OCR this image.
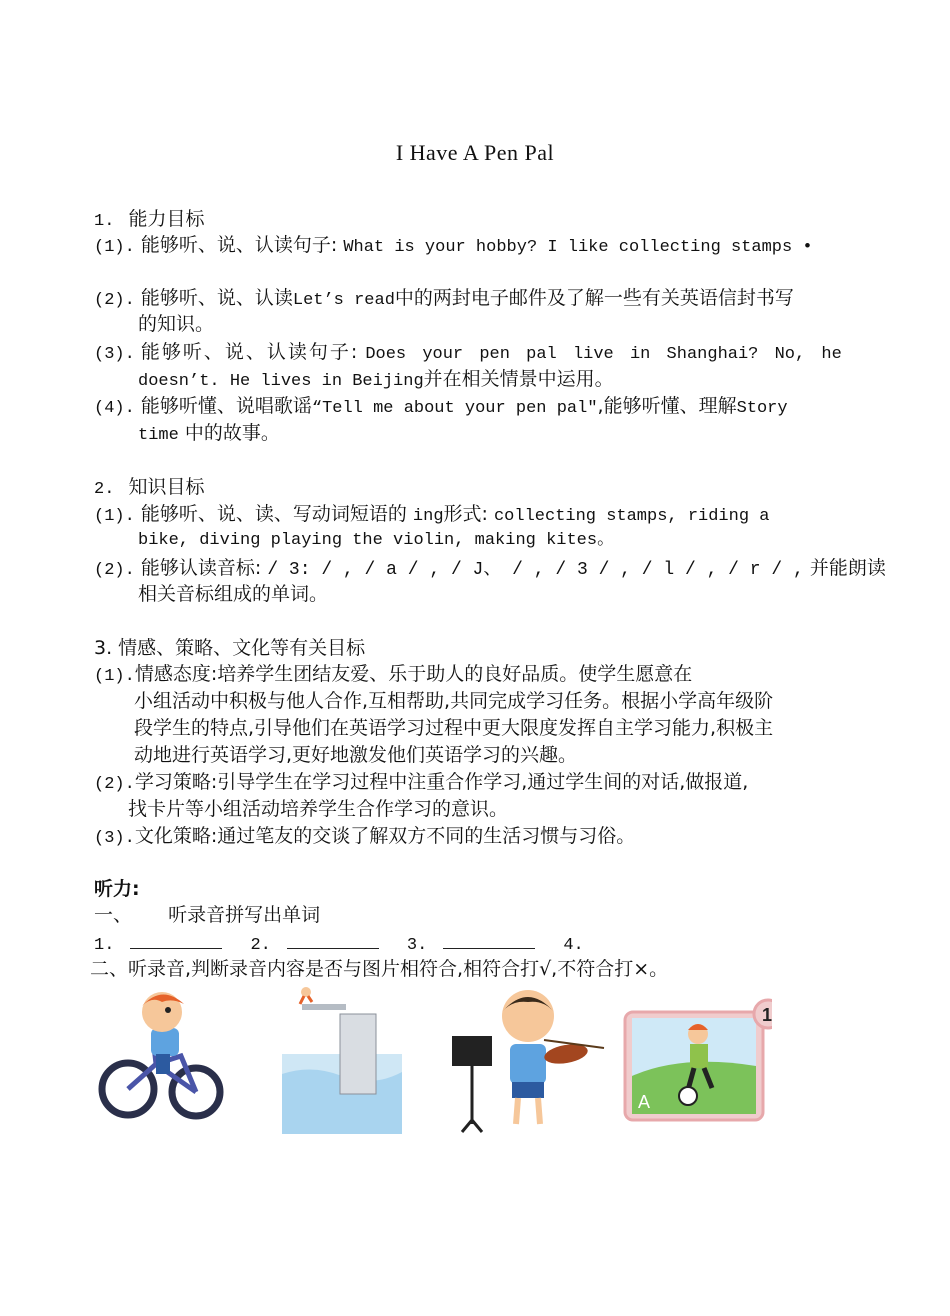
I Have A Pen Pal
1. 能力目标
(1). 能够听、说、认读句子: What is your hobby? I like collecting stamps •
(2). 能够听、说、认读Let’s read中的两封电子邮件及了解一些有关英语信封书写
的知识。
(3). 能够听、说、认读句子: Does your pen pal live in Shanghai? No, he
doesn’t. He lives in Beijing并在相关情景中运用。
(4). 能够听懂、说唱歌谣“Tell me about your pen pal″,能够听懂、理解Story
time 中的故事。
2. 知识目标
(1). 能够听、说、读、写动词短语的 ing形式: collecting stamps, riding a
bike, diving playing the violin, making kites。
(2). 能够认读音标: / 3: / , / a / , / J、 / , / 3 / , / l / , / r / , 并能朗读
相关音标组成的单词。
3. 情感、策略、文化等有关目标
(1).情感态度:培养学生团结友爱、乐于助人的良好品质。使学生愿意在
小组活动中积极与他人合作,互相帮助,共同完成学习任务。根据小学高年级阶
段学生的特点,引导他们在英语学习过程中更大限度发挥自主学习能力,积极主
动地进行英语学习,更好地激发他们英语学习的兴趣。
(2).学习策略:引导学生在学习过程中注重合作学习,通过学生间的对话,做报道,
找卡片等小组活动培养学生合作学习的意识。
(3).文化策略:通过笔友的交谈了解双方不同的生活习惯与习俗。
听力:
一、 听录音拼写出单词
1.	2.	3.	4.
二、听录音,判断录音内容是否与图片相符合,相符合打√,不符合打×。
1
A
